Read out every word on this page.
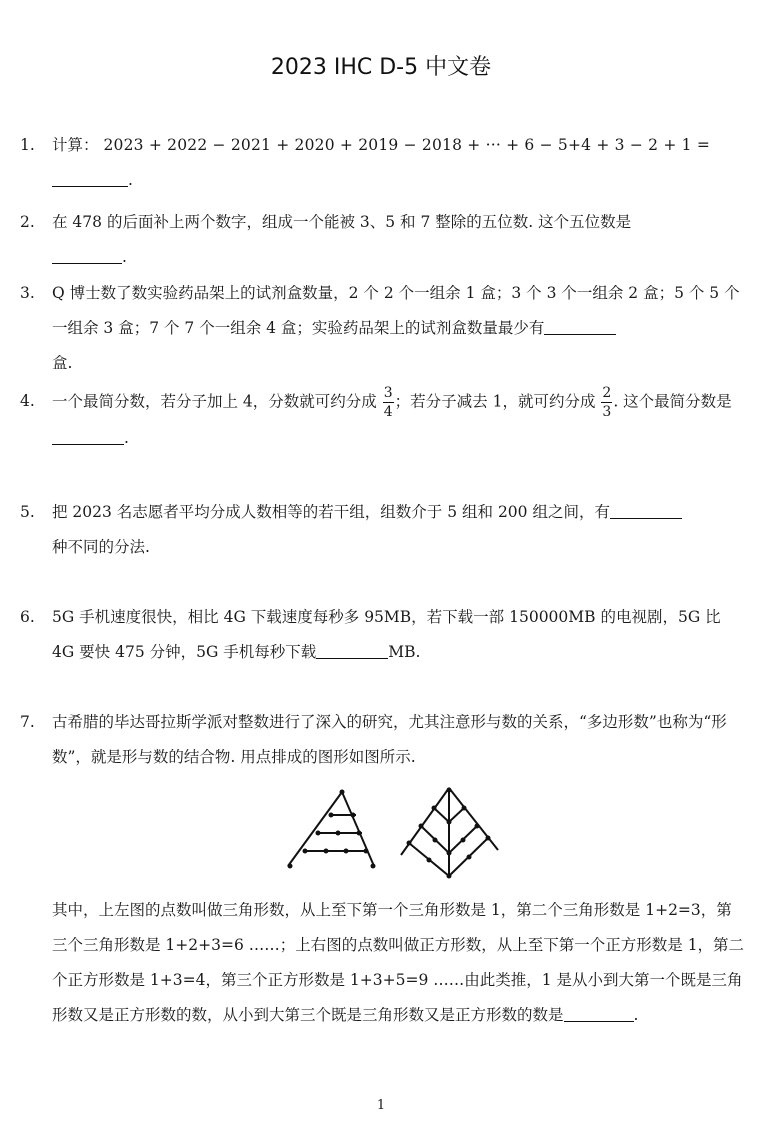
2023 IHC D-5 中文卷
1.	计算： 2023 + 2022 − 2021 + 2020 + 2019 − 2018 + ··· + 6 − 5+4 + 3 − 2 + 1 = .
2.	在 478 的后面补上两个数字，组成一个能被 3、5 和 7 整除的五位数. 这个五位数是
.
3.	Q 博士数了数实验药品架上的试剂盒数量，2 个 2 个一组余 1 盒；3 个 3 个一组余 2 盒；5 个 5 个一组余 3 盒；7 个 7 个一组余 4 盒；实验药品架上的试剂盒数量最少有
盒.
4.	一个最简分数，若分子加上 4，分数就可约分成 $\frac{3}{4}$ ；若分子减去 1，就可约分成 $\frac{2}{3}$ . 这个最简分数是 .
5.	把 2023 名志愿者平均分成人数相等的若干组，组数介于 5 组和 200 组之间，有
种不同的分法.
6.	5G 手机速度很快，相比 4G 下载速度每秒多 95MB，若下载一部 150000MB 的电视剧，5G 比 4G 要快 475 分钟，5G 手机每秒下载	MB.
7.	古希腊的毕达哥拉斯学派对整数进行了深入的研究，尤其注意形与数的关系，“多边形数”也称为“形数”，就是形与数的结合物. 用点排成的图形如图所示.
其中，上左图的点数叫做三角形数，从上至下第一个三角形数是 1，第二个三角形数是 1+2=3，第三个三角形数是 1+2+3=6 ……；上右图的点数叫做正方形数，从上至下第一个正方形数是 1，第二个正方形数是 1+3=4，第三个正方形数是 1+3+5=9 ……由此类推，1 是从小到大第一个既是三角形数又是正方形数的数，从小到大第三个既是三角形数又是正方形数的数是	.
1
